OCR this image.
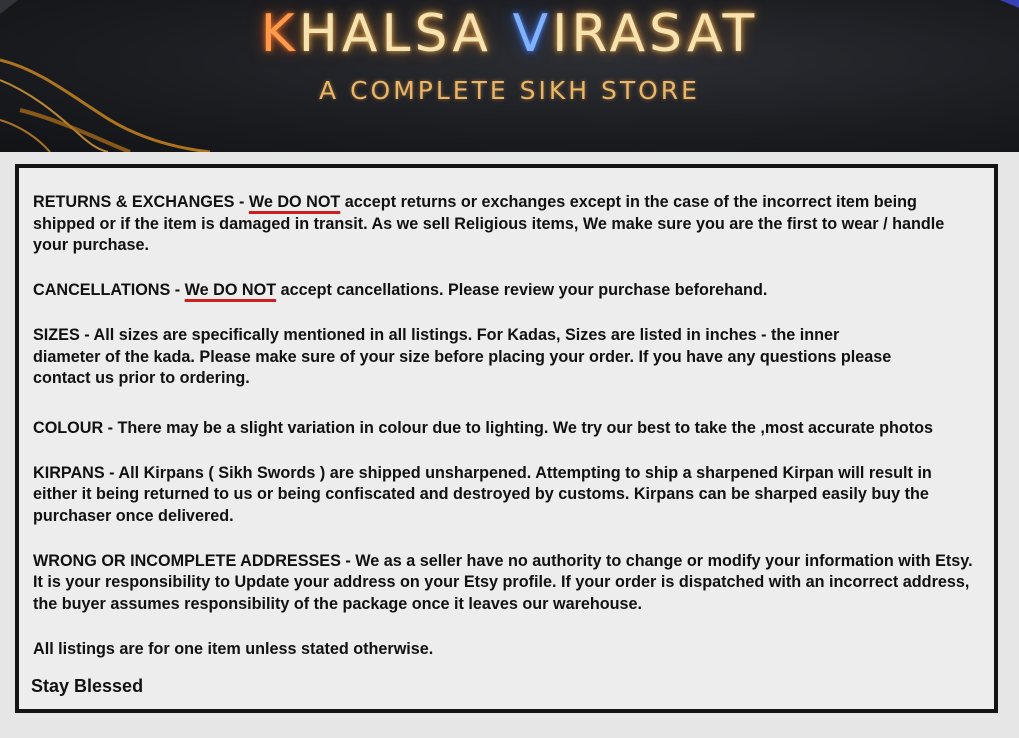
KHALSA VIRASAT
A COMPLETE SIKH STORE

RETURNS & EXCHANGES - We DO NOT accept returns or exchanges except in the case of the incorrect item being shipped or if the item is damaged in transit. As we sell Religious items, We make sure you are the first to wear / handle your purchase.

CANCELLATIONS - We DO NOT accept cancellations. Please review your purchase beforehand.

SIZES - All sizes are specifically mentioned in all listings. For Kadas, Sizes are listed in inches - the inner diameter of the kada. Please make sure of your size before placing your order. If you have any questions please contact us prior to ordering.

COLOUR - There may be a slight variation in colour due to lighting. We try our best to take the ,most accurate photos

KIRPANS - All Kirpans ( Sikh Swords ) are shipped unsharpened. Attempting to ship a sharpened Kirpan will result in either it being returned to us or being confiscated and destroyed by customs. Kirpans can be sharped easily buy the purchaser once delivered.

WRONG OR INCOMPLETE ADDRESSES - We as a seller have no authority to change or modify your information with Etsy. It is your responsibility to Update your address on your Etsy profile. If your order is dispatched with an incorrect address, the buyer assumes responsibility of the package once it leaves our warehouse.

All listings are for one item unless stated otherwise.

Stay Blessed
